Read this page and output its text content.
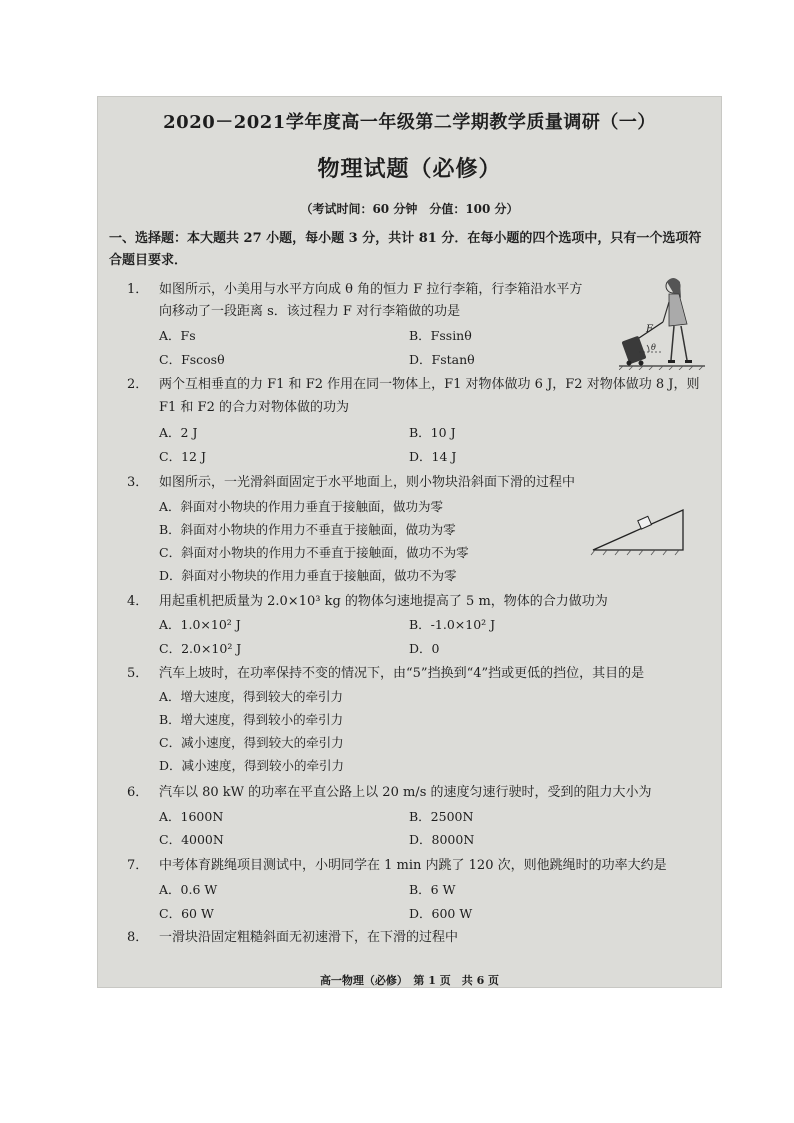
2020－2021学年度高一年级第二学期教学质量调研（一）
物理试题（必修）
（考试时间：60 分钟　分值：100 分）
一、选择题：本大题共 27 小题，每小题 3 分，共计 81 分．在每小题的四个选项中，只有一个选项符合题目要求．
1． 如图所示，小美用与水平方向成 θ 角的恒力 F 拉行李箱，行李箱沿水平方
向移动了一段距离 s．该过程力 F 对行李箱做的功是
A．Fs	B．Fssinθ
C．Fscosθ	D．Fstanθ
F
θ
2． 两个互相垂直的力 F1 和 F2 作用在同一物体上，F1 对物体做功 6 J，F2 对物体做功 8 J，则
F1 和 F2 的合力对物体做的功为
A．2 J	B．10 J
C．12 J	D．14 J
3． 如图所示，一光滑斜面固定于水平地面上，则小物块沿斜面下滑的过程中
A．斜面对小物块的作用力垂直于接触面，做功为零
B．斜面对小物块的作用力不垂直于接触面，做功为零
C．斜面对小物块的作用力不垂直于接触面，做功不为零
D．斜面对小物块的作用力垂直于接触面，做功不为零
4． 用起重机把质量为 2.0×10³ kg 的物体匀速地提高了 5 m，物体的合力做功为
A．1.0×10² J	B．-1.0×10² J
C．2.0×10² J	D．0
5． 汽车上坡时，在功率保持不变的情况下，由“5”挡换到“4”挡或更低的挡位，其目的是
A．增大速度，得到较大的牵引力
B．增大速度，得到较小的牵引力
C．减小速度，得到较大的牵引力
D．减小速度，得到较小的牵引力
6． 汽车以 80 kW 的功率在平直公路上以 20 m/s 的速度匀速行驶时，受到的阻力大小为
A．1600N	B．2500N
C．4000N	D．8000N
7． 中考体育跳绳项目测试中，小明同学在 1 min 内跳了 120 次，则他跳绳时的功率大约是
A．0.6 W	B．6 W
C．60 W	D．600 W
8． 一滑块沿固定粗糙斜面无初速滑下，在下滑的过程中
高一物理（必修）　第 1 页　共 6 页
